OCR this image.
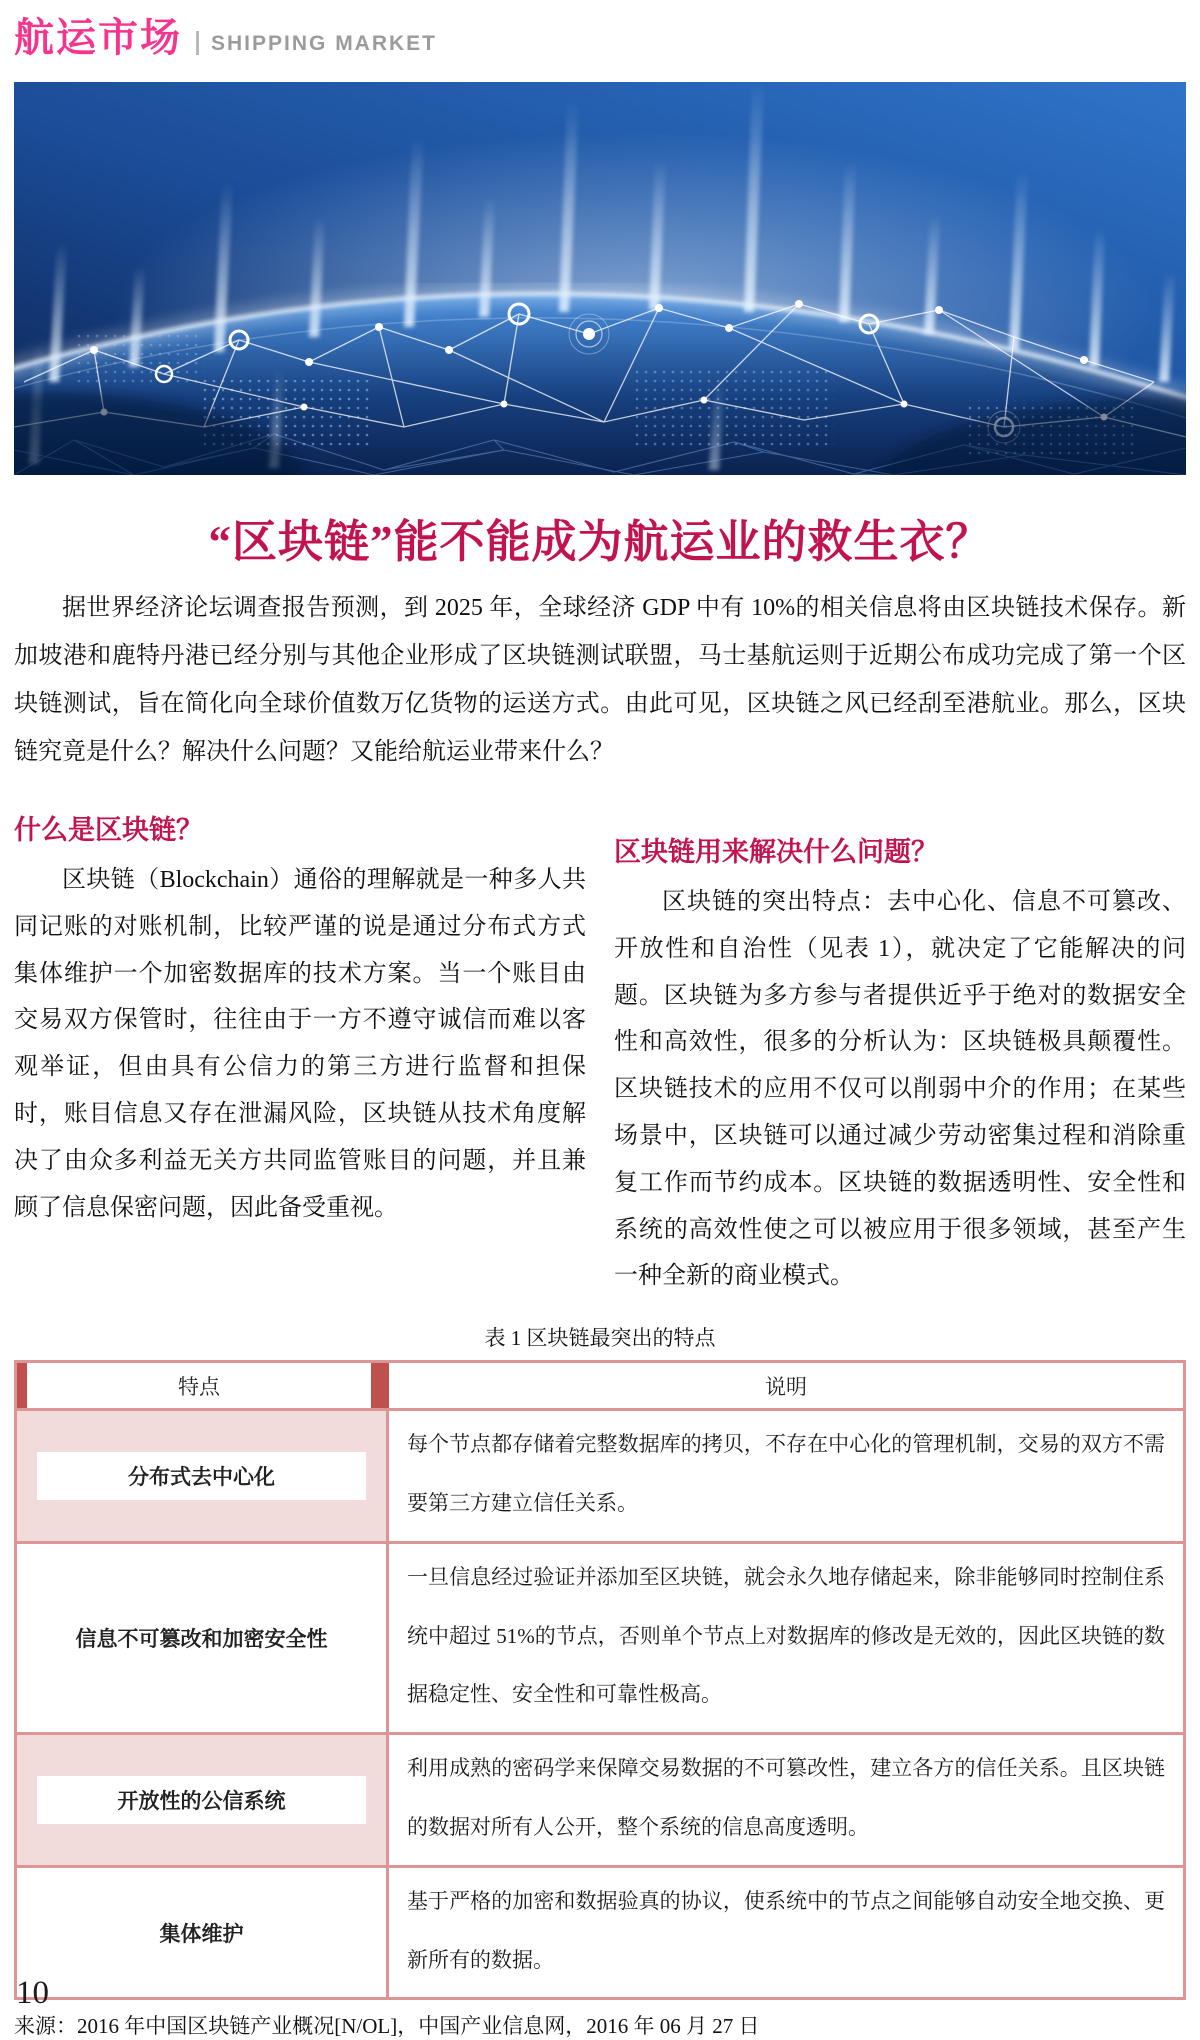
航运市场 SHIPPING MARKET
“区块链”能不能成为航运业的救生衣？

据世界经济论坛调查报告预测，到 2025 年，全球经济 GDP 中有 10%的相关信息将由区块链技术保存。新加坡港和鹿特丹港已经分别与其他企业形成了区块链测试联盟，马士基航运则于近期公布成功完成了第一个区块链测试，旨在简化向全球价值数万亿货物的运送方式。由此可见，区块链之风已经刮至港航业。那么，区块链究竟是什么？解决什么问题？又能给航运业带来什么？

什么是区块链？

区块链（Blockchain）通俗的理解就是一种多人共同记账的对账机制，比较严谨的说是通过分布式方式集体维护一个加密数据库的技术方案。当一个账目由交易双方保管时，往往由于一方不遵守诚信而难以客观举证，但由具有公信力的第三方进行监督和担保时，账目信息又存在泄漏风险，区块链从技术角度解决了由众多利益无关方共同监管账目的问题，并且兼顾了信息保密问题，因此备受重视。

区块链用来解决什么问题？

区块链的突出特点：去中心化、信息不可篡改、开放性和自治性（见表 1），就决定了它能解决的问题。区块链为多方参与者提供近乎于绝对的数据安全性和高效性，很多的分析认为：区块链极具颠覆性。区块链技术的应用不仅可以削弱中介的作用；在某些场景中，区块链可以通过减少劳动密集过程和消除重复工作而节约成本。区块链的数据透明性、安全性和系统的高效性使之可以被应用于很多领域，甚至产生一种全新的商业模式。

表 1 区块链最突出的特点
特点	说明
分布式去中心化
每个节点都存储着完整数据库的拷贝，不存在中心化的管理机制，交易的双方不需要第三方建立信任关系。
信息不可篡改和加密安全性
一旦信息经过验证并添加至区块链，就会永久地存储起来，除非能够同时控制住系统中超过 51%的节点，否则单个节点上对数据库的修改是无效的，因此区块链的数据稳定性、安全性和可靠性极高。
开放性的公信系统
利用成熟的密码学来保障交易数据的不可篡改性，建立各方的信任关系。且区块链的数据对所有人公开，整个系统的信息高度透明。
集体维护
基于严格的加密和数据验真的协议，使系统中的节点之间能够自动安全地交换、更新所有的数据。
来源：2016 年中国区块链产业概况[N/OL]，中国产业信息网，2016 年 06 月 27 日
10
